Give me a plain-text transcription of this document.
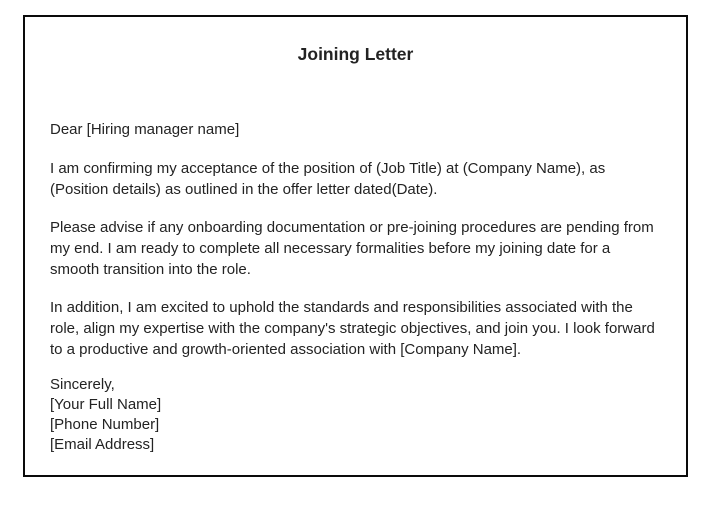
Joining Letter

Dear [Hiring manager name]

I am confirming my acceptance of the position of (Job Title) at (Company Name), as (Position details) as outlined in the offer letter dated(Date).

Please advise if any onboarding documentation or pre-joining procedures are pending from my end. I am ready to complete all necessary formalities before my joining date for a smooth transition into the role.

In addition, I am excited to uphold the standards and responsibilities associated with the role, align my expertise with the company's strategic objectives, and join you. I look forward to a productive and growth-oriented association with [Company Name].

Sincerely,

[Your Full Name]

[Phone Number]

[Email Address]
